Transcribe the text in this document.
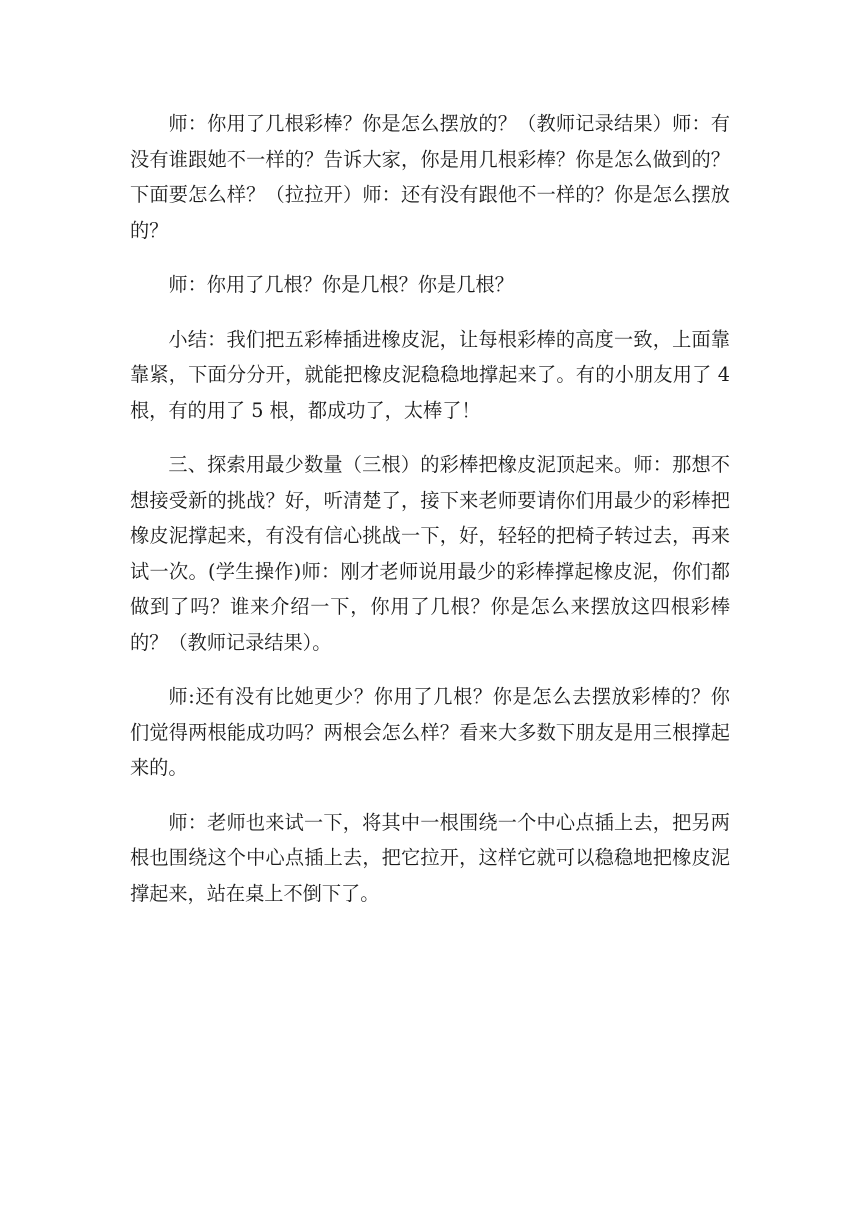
师：你用了几根彩棒？你是怎么摆放的？（教师记录结果）师：有没有谁跟她不一样的？告诉大家，你是用几根彩棒？你是怎么做到的？下面要怎么样？（拉拉开）师：还有没有跟他不一样的？你是怎么摆放的？

师：你用了几根？你是几根？你是几根？

小结：我们把五彩棒插进橡皮泥，让每根彩棒的高度一致，上面靠靠紧，下面分分开，就能把橡皮泥稳稳地撑起来了。有的小朋友用了 4 根，有的用了 5 根，都成功了，太棒了！

三、探索用最少数量（三根）的彩棒把橡皮泥顶起来。师：那想不想接受新的挑战？好，听清楚了，接下来老师要请你们用最少的彩棒把橡皮泥撑起来，有没有信心挑战一下，好，轻轻的把椅子转过去，再来试一次。(学生操作)师：刚才老师说用最少的彩棒撑起橡皮泥，你们都做到了吗？谁来介绍一下，你用了几根？你是怎么来摆放这四根彩棒的？（教师记录结果）。

师:还有没有比她更少？你用了几根？你是怎么去摆放彩棒的？你们觉得两根能成功吗？两根会怎么样？看来大多数下朋友是用三根撑起来的。

师：老师也来试一下，将其中一根围绕一个中心点插上去，把另两根也围绕这个中心点插上去，把它拉开，这样它就可以稳稳地把橡皮泥撑起来，站在桌上不倒下了。
